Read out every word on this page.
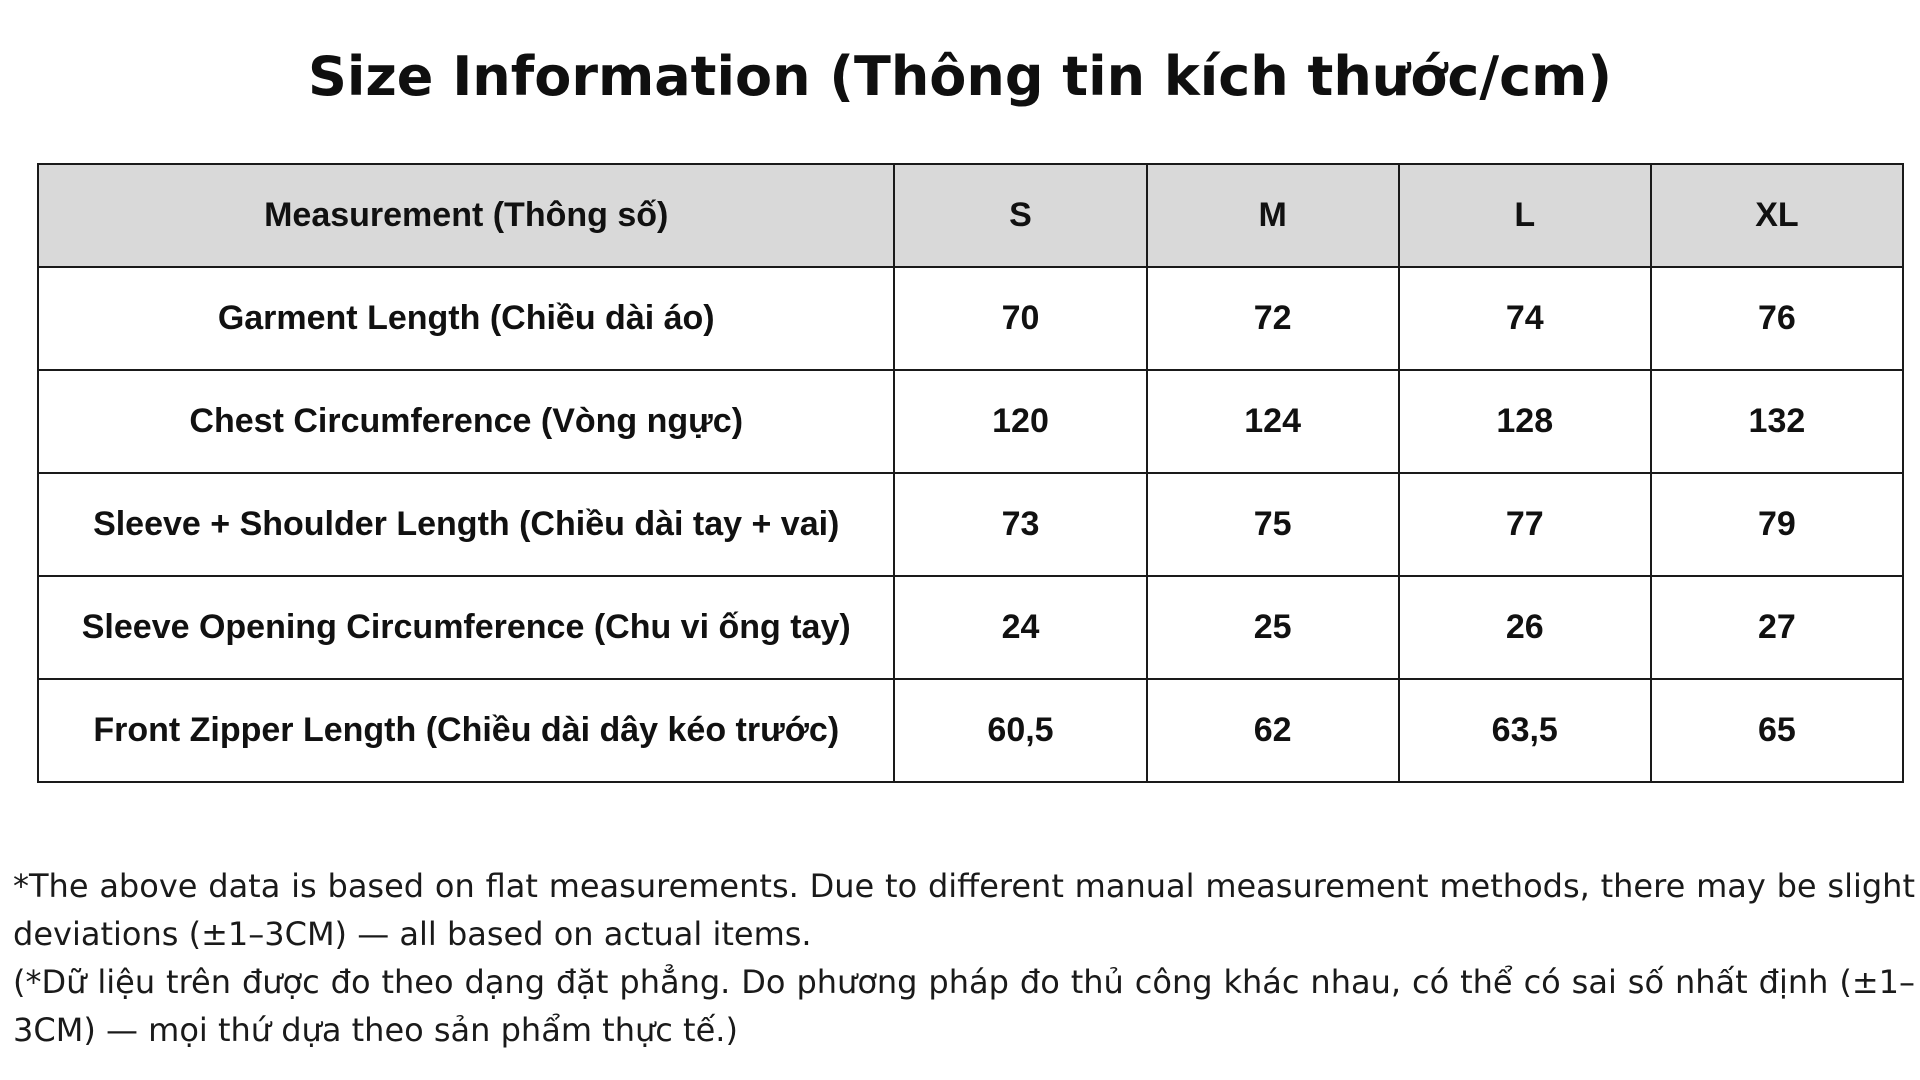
Size Information (Thông tin kích thước/cm)
Measurement (Thông số)	S	M	L	XL
Garment Length (Chiều dài áo)	70	72	74	76
Chest Circumference (Vòng ngực)	120	124	128	132
Sleeve + Shoulder Length (Chiều dài tay + vai)	73	75	77	79
Sleeve Opening Circumference (Chu vi ống tay)	24	25	26	27
Front Zipper Length (Chiều dài dây kéo trước)	60,5	62	63,5	65

*The above data is based on flat measurements. Due to different manual measurement methods, there may be slight deviations (±1–3CM) — all based on actual items.

(*Dữ liệu trên được đo theo dạng đặt phẳng. Do phương pháp đo thủ công khác nhau, có thể có sai số nhất định (±1–3CM) — mọi thứ dựa theo sản phẩm thực tế.)
